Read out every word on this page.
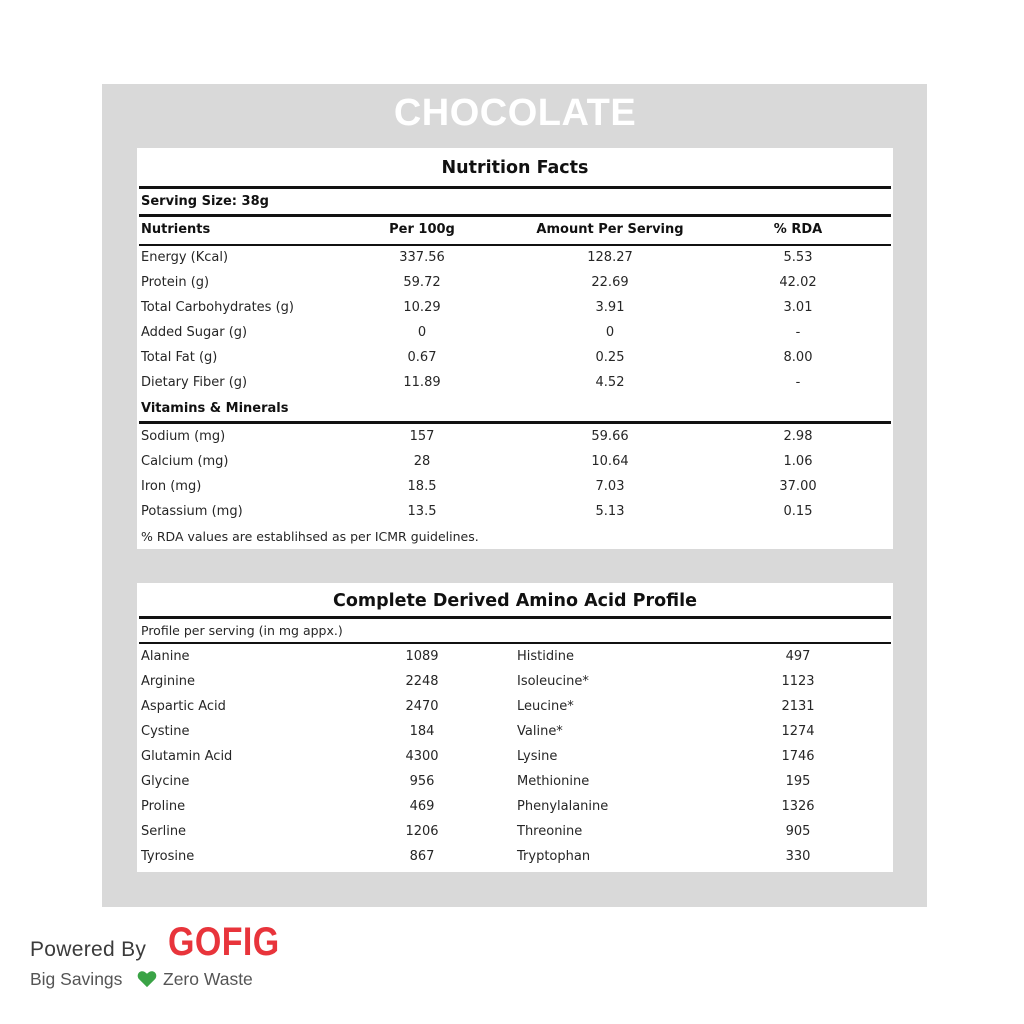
CHOCOLATE
Nutrition Facts
Serving Size: 38g
Nutrients	Per 100g	Amount Per Serving	% RDA
Energy (Kcal)	337.56	128.27	5.53
Protein (g)	59.72	22.69	42.02
Total Carbohydrates (g)	10.29	3.91	3.01
Added Sugar (g)	0	0	-
Total Fat (g)	0.67	0.25	8.00
Dietary Fiber (g)	11.89	4.52	-
Vitamins & Minerals
Sodium (mg)	157	59.66	2.98
Calcium (mg)	28	10.64	1.06
Iron (mg)	18.5	7.03	37.00
Potassium (mg)	13.5	5.13	0.15
% RDA values are establihsed as per ICMR guidelines.
Complete Derived Amino Acid Profile
Profile per serving (in mg appx.)
Alanine	1089	Histidine	497
Arginine	2248	Isoleucine*	1123
Aspartic Acid	2470	Leucine*	2131
Cystine	184	Valine*	1274
Glutamin Acid	4300	Lysine	1746
Glycine	956	Methionine	195
Proline	469	Phenylalanine	1326
Serline	1206	Threonine	905
Tyrosine	867	Tryptophan	330
Powered By GOFIG
Big Savings Zero Waste
